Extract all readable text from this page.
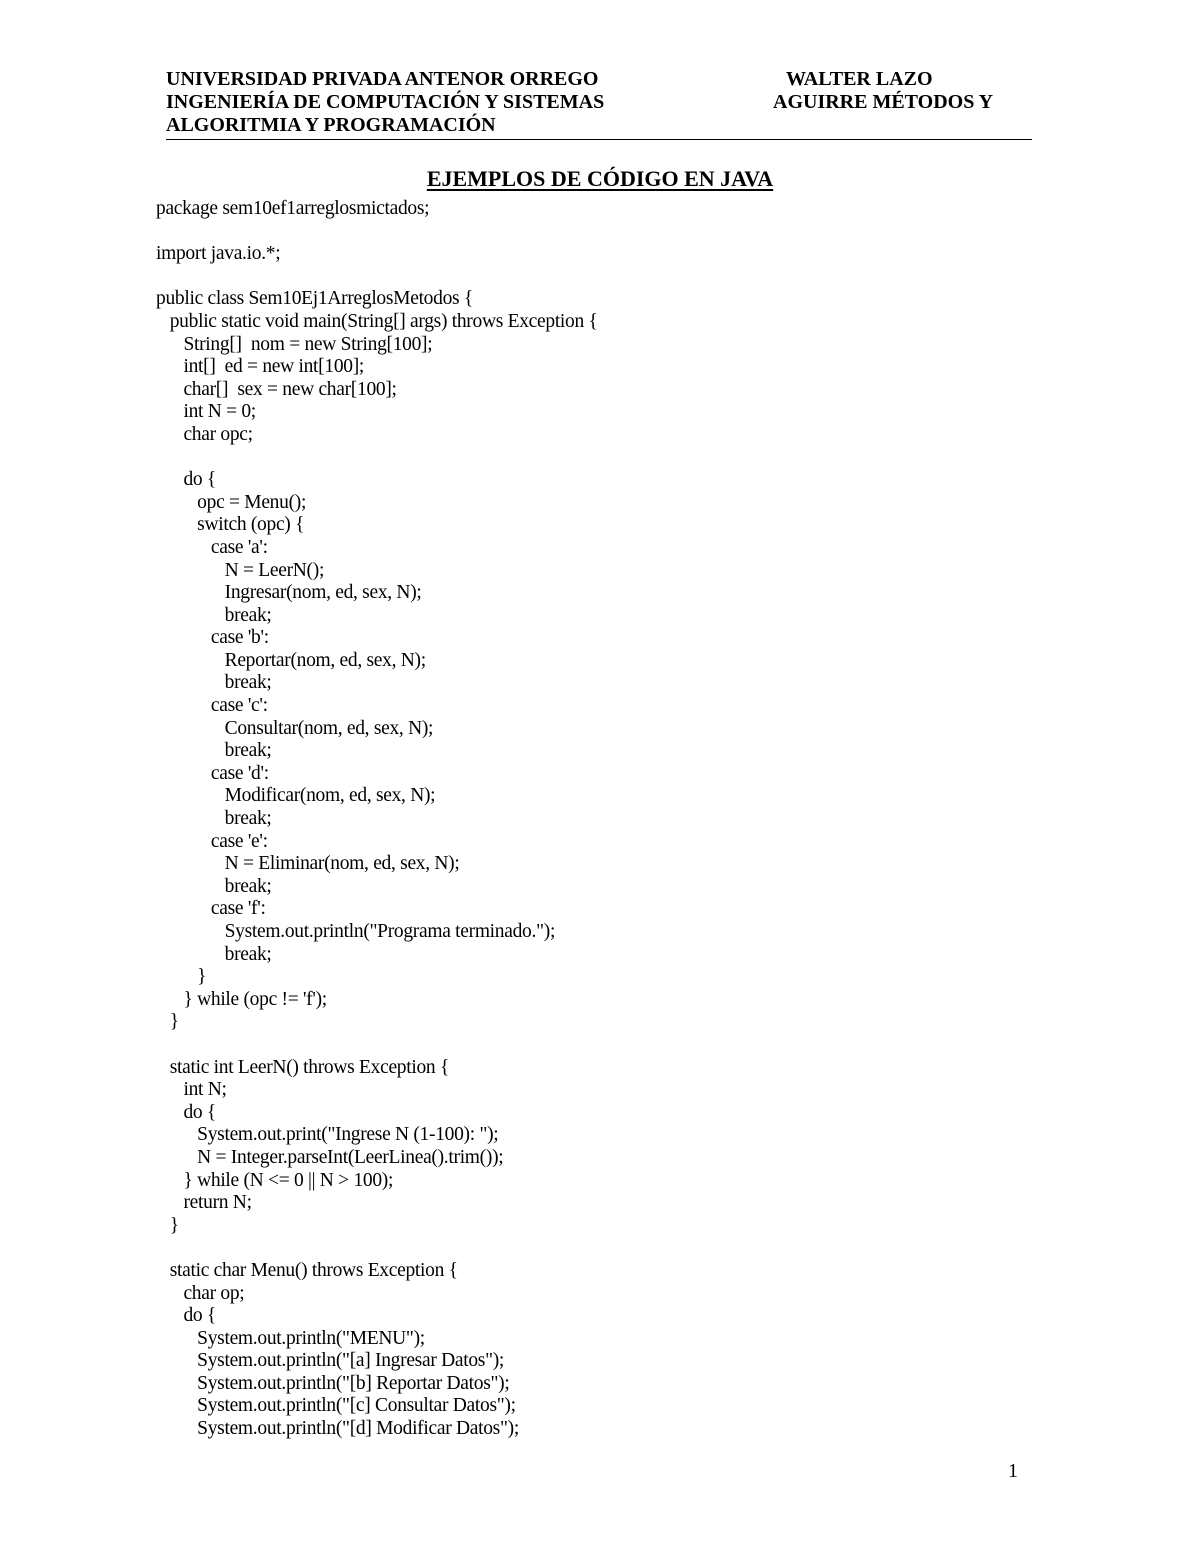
UNIVERSIDAD PRIVADA ANTENOR ORREGO	WALTER LAZO
INGENIERÍA DE COMPUTACIÓN Y SISTEMAS	AGUIRRE MÉTODOS Y
ALGORITMIA Y PROGRAMACIÓN
EJEMPLOS DE CÓDIGO EN JAVA
package sem10ef1arreglosmictados;
import java.io.*;
public class Sem10Ej1ArreglosMetodos {
public static void main(String[] args) throws Exception {
String[]  nom = new String[100];
int[]  ed = new int[100];
char[]  sex = new char[100];
int N = 0;
char opc;
do {
opc = Menu();
switch (opc) {
case 'a':
N = LeerN();
Ingresar(nom, ed, sex, N);
break;
case 'b':
Reportar(nom, ed, sex, N);
break;
case 'c':
Consultar(nom, ed, sex, N);
break;
case 'd':
Modificar(nom, ed, sex, N);
break;
case 'e':
N = Eliminar(nom, ed, sex, N);
break;
case 'f':
System.out.println("Programa terminado.");
break;
}
} while (opc != 'f');
}
static int LeerN() throws Exception {
int N;
do {
System.out.print("Ingrese N (1-100): ");
N = Integer.parseInt(LeerLinea().trim());
} while (N <= 0 || N > 100);
return N;
}
static char Menu() throws Exception {
char op;
do {
System.out.println("MENU");
System.out.println("[a] Ingresar Datos");
System.out.println("[b] Reportar Datos");
System.out.println("[c] Consultar Datos");
System.out.println("[d] Modificar Datos");
1
